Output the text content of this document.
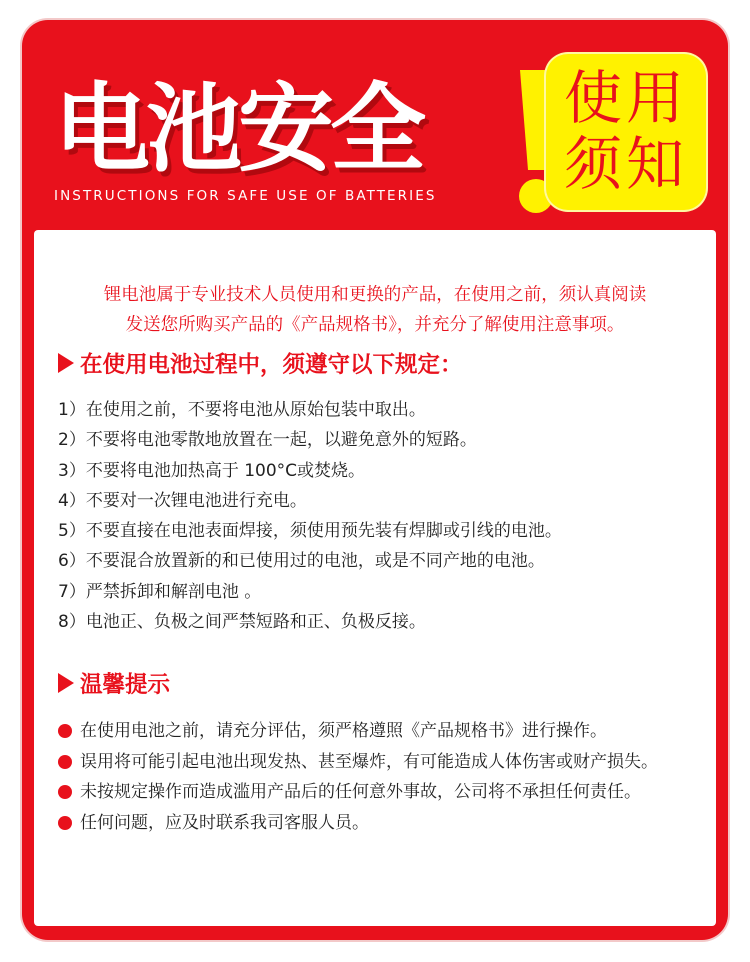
电池安全
INSTRUCTIONS FOR SAFE USE OF BATTERIES
使用
须知
锂电池属于专业技术人员使用和更换的产品，在使用之前，须认真阅读
发送您所购买产品的《产品规格书》，并充分了解使用注意事项。
在使用电池过程中，须遵守以下规定：
1）在使用之前，不要将电池从原始包装中取出。
2）不要将电池零散地放置在一起，以避免意外的短路。
3）不要将电池加热高于 100°C或焚烧。
4）不要对一次锂电池进行充电。
5）不要直接在电池表面焊接，须使用预先装有焊脚或引线的电池。
6）不要混合放置新的和已使用过的电池，或是不同产地的电池。
7）严禁拆卸和解剖电池 。
8）电池正、负极之间严禁短路和正、负极反接。
温馨提示
在使用电池之前，请充分评估，须严格遵照《产品规格书》进行操作。
误用将可能引起电池出现发热、甚至爆炸，有可能造成人体伤害或财产损失。
未按规定操作而造成滥用产品后的任何意外事故，公司将不承担任何责任。
任何问题，应及时联系我司客服人员。
